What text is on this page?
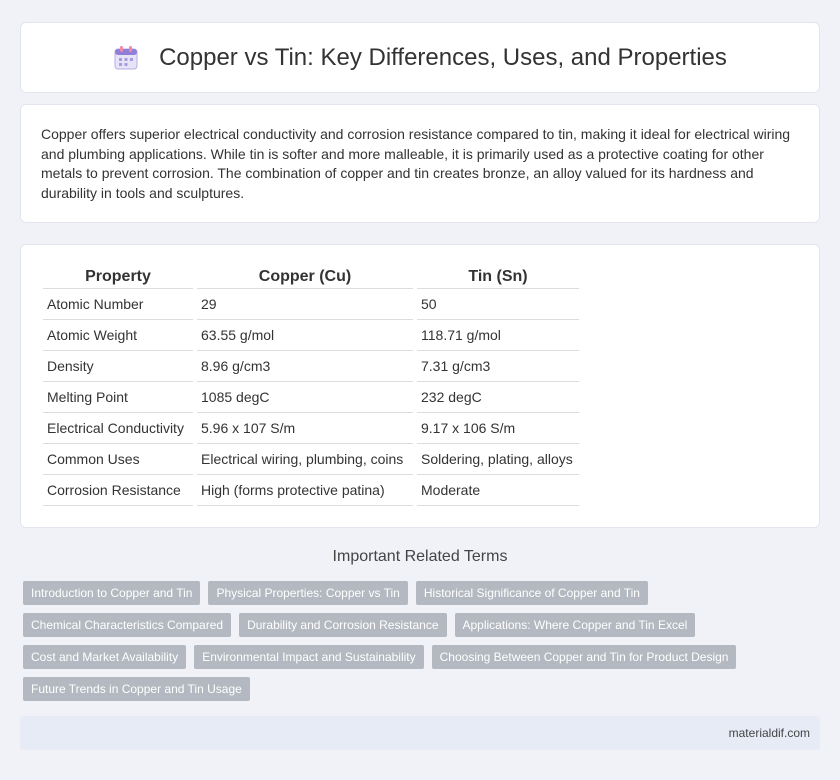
Copper vs Tin: Key Differences, Uses, and Properties

Copper offers superior electrical conductivity and corrosion resistance compared to tin, making it ideal for electrical wiring and plumbing applications. While tin is softer and more malleable, it is primarily used as a protective coating for other metals to prevent corrosion. The combination of copper and tin creates bronze, an alloy valued for its hardness and durability in tools and sculptures.

Property	Copper (Cu)	Tin (Sn)
Atomic Number	29	50
Atomic Weight	63.55 g/mol	118.71 g/mol
Density	8.96 g/cm3	7.31 g/cm3
Melting Point	1085 degC	232 degC
Electrical Conductivity	5.96 x 107 S/m	9.17 x 106 S/m
Common Uses	Electrical wiring, plumbing, coins	Soldering, plating, alloys
Corrosion Resistance	High (forms protective patina)	Moderate
Important Related Terms
Introduction to Copper and Tin	Physical Properties: Copper vs Tin	Historical Significance of Copper and Tin
Chemical Characteristics Compared	Durability and Corrosion Resistance	Applications: Where Copper and Tin Excel
Cost and Market Availability	Environmental Impact and Sustainability	Choosing Between Copper and Tin for Product Design
Future Trends in Copper and Tin Usage
materialdif.com
